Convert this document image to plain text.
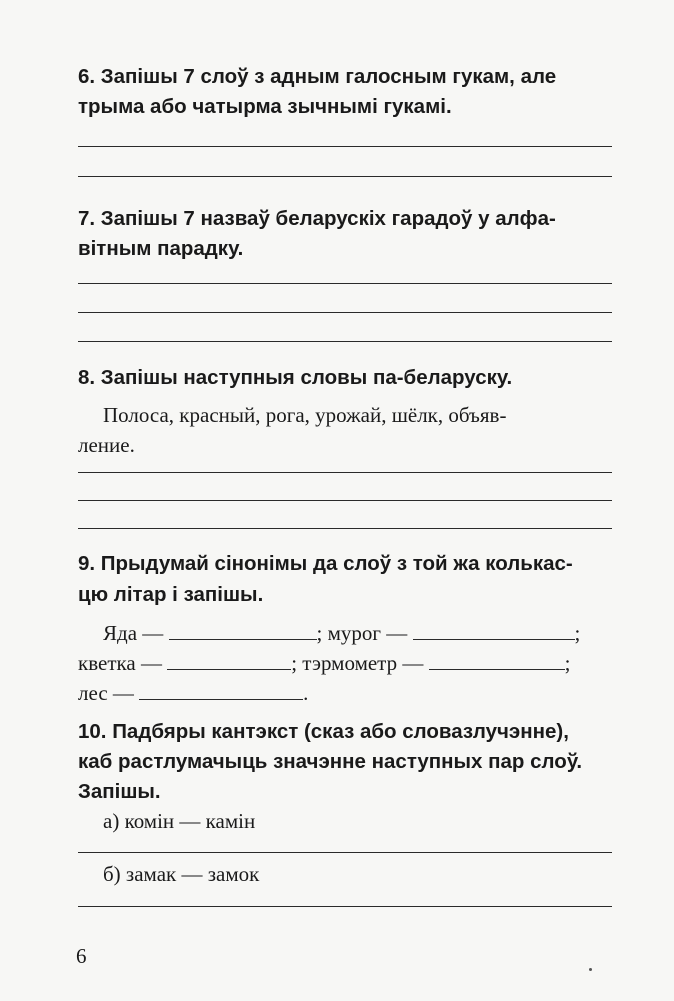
6. Запішы 7 слоў з адным галосным гукам, але

трыма або чатырма зычнымі гукамі.

7. Запішы 7 назваў беларускіх гарадоў у алфа-

вітным парадку.

8. Запішы наступныя словы па-беларуску.

Полоса, красный, рога, урожай, шёлк, объяв-

ление.

9. Прыдумай сінонімы да слоў з той жа колькас-

цю літар і запішы.

Яда —	; мурог —	;
кветка —	; тэрмометр —	;
лес —	.

10. Падбяры кантэкст (сказ або словазлучэнне),

каб растлумачыць значэнне наступных пар слоў.

Запішы.

а) комін — камін

б) замак — замок

6
